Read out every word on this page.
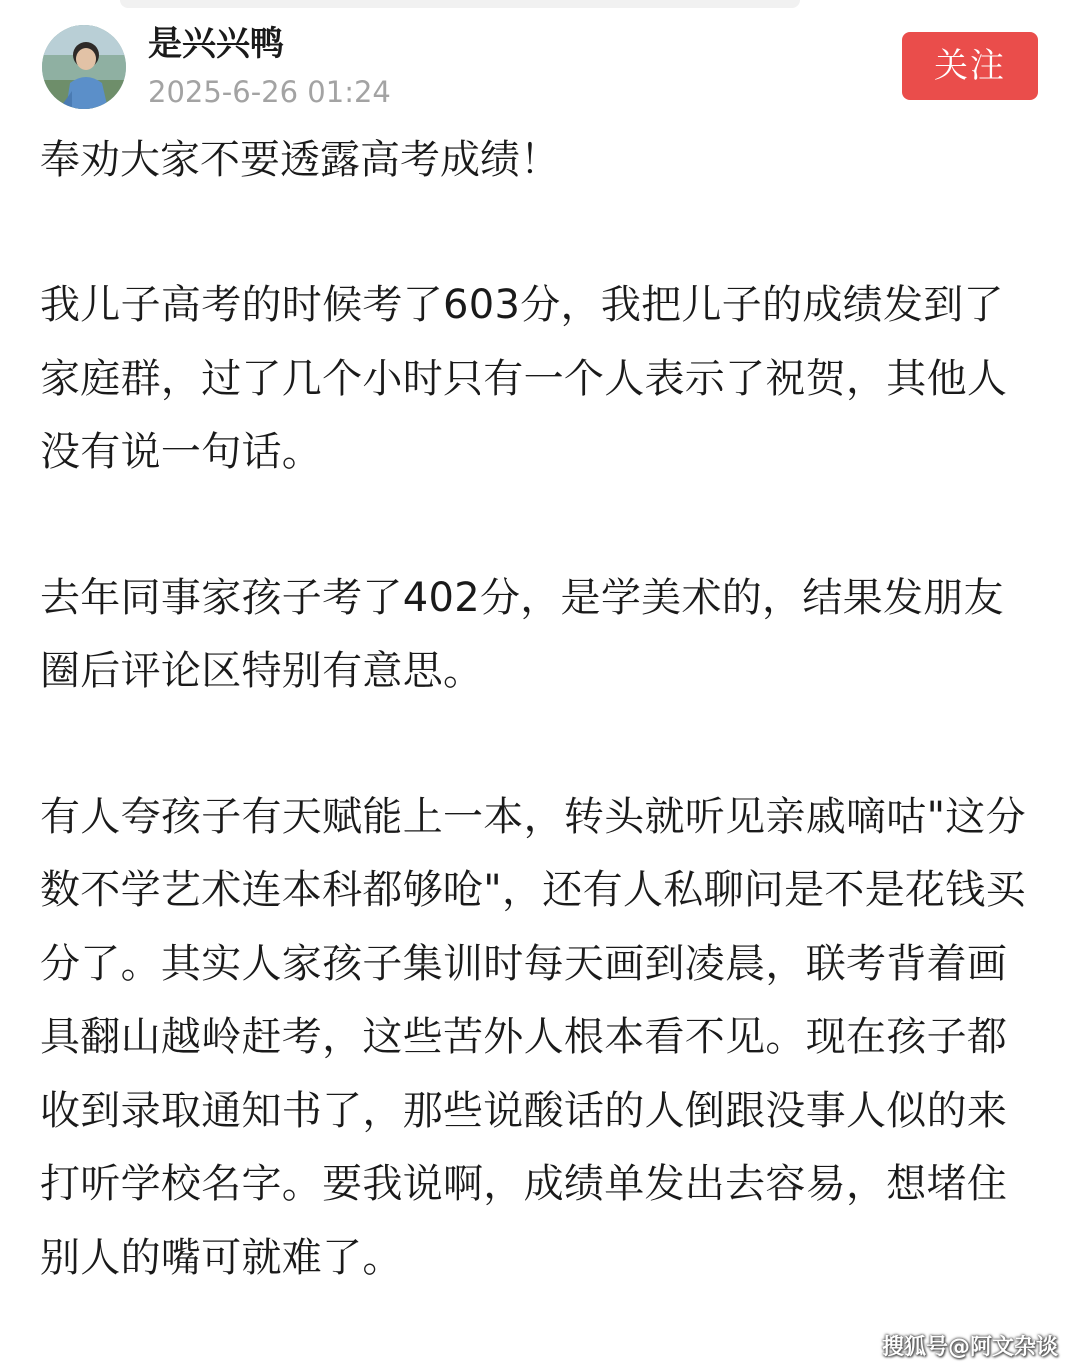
是兴兴鸭
2025-6-26 01:24
关注
奉劝大家不要透露高考成绩！

我儿子高考的时候考了603分，我把儿子的成绩发到了家庭群，过了几个小时只有一个人表示了祝贺，其他人没有说一句话。

去年同事家孩子考了402分，是学美术的，结果发朋友圈后评论区特别有意思。

有人夸孩子有天赋能上一本，转头就听见亲戚嘀咕"这分数不学艺术连本科都够呛"，还有人私聊问是不是花钱买分了。其实人家孩子集训时每天画到凌晨，联考背着画具翻山越岭赶考，这些苦外人根本看不见。现在孩子都收到录取通知书了，那些说酸话的人倒跟没事人似的来打听学校名字。要我说啊，成绩单发出去容易，想堵住别人的嘴可就难了。

搜狐号@阿文杂谈
